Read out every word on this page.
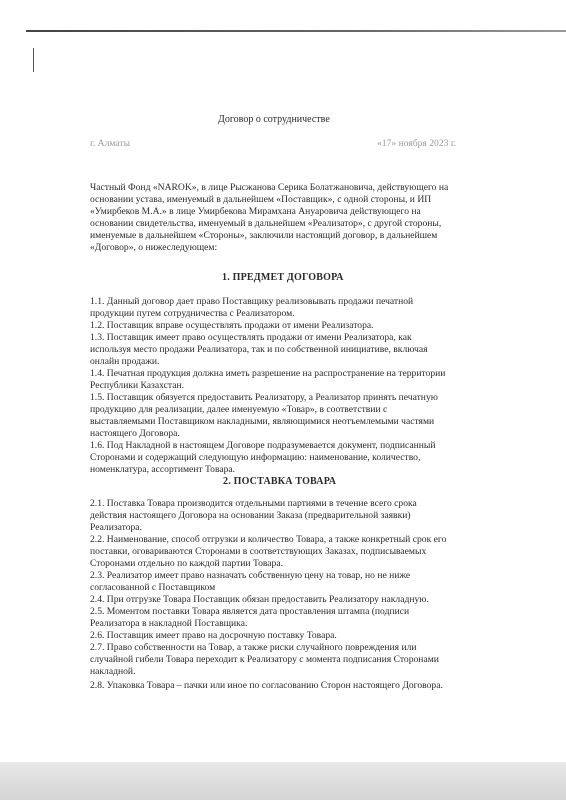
Договор о сотрудничестве
г. Алматы	«17» ноября 2023 г.
Частный Фонд «NAROK», в лице Рысжанова Серика Болатжановича, действующего на
основании устава, именуемый в дальнейшем «Поставщик», с одной стороны, и ИП
«Умирбеков М.А.» в лице Умирбекова Мирамхана Ануаровича действующего на
основании свидетельства, именуемый в дальнейшем «Реализатор», с другой стороны,
именуемые в дальнейшем «Стороны», заключили настоящий договор, в дальнейшем
«Договор», о нижеследующем:
1. ПРЕДМЕТ ДОГОВОРА
1.1. Данный договор дает право Поставщику реализовывать продажи печатной
продукции путем сотрудничества с Реализатором.
1.2. Поставщик вправе осуществлять продажи от имени Реализатора.
1.3. Поставщик имеет право осуществлять продажи от имени Реализатора, как
используя место продажи Реализатора, так и по собственной инициативе, включая
онлайн продажи.
1.4. Печатная продукция должна иметь разрешение на распространение на территории
Республики Казахстан.
1.5. Поставщик обязуется предоставить Реализатору, а Реализатор принять печатную
продукцию для реализации, далее именуемую «Товар», в соответствии с
выставляемыми Поставщиком накладными, являющимися неотъемлемыми частями
настоящего Договора.
1.6. Под Накладной в настоящем Договоре подразумевается документ, подписанный
Сторонами и содержащий следующую информацию: наименование, количество,
номенклатура, ассортимент Товара.
2. ПОСТАВКА ТОВАРА
2.1. Поставка Товара производится отдельными партиями в течение всего срока
действия настоящего Договора на основании Заказа (предварительной заявки)
Реализатора.
2.2. Наименование, способ отгрузки и количество Товара, а также конкретный срок его
поставки, оговариваются Сторонами в соответствующих Заказах, подписываемых
Сторонами отдельно по каждой партии Товара.
2.3. Реализатор имеет право назначать собственную цену на товар, но не ниже
согласованной с Поставщиком
2.4. При отгрузке Товара Поставщик обязан предоставить Реализатору накладную.
2.5. Моментом поставки Товара является дата проставления штампа (подписи
Реализатора в накладной Поставщика.
2.6. Поставщик имеет право на досрочную поставку Товара.
2.7. Право собственности на Товар, а также риски случайного повреждения или
случайной гибели Товара переходит к Реализатору с момента подписания Сторонами
накладной.
2.8. Упаковка Товара – пачки или иное по согласованию Сторон настоящего Договора.
